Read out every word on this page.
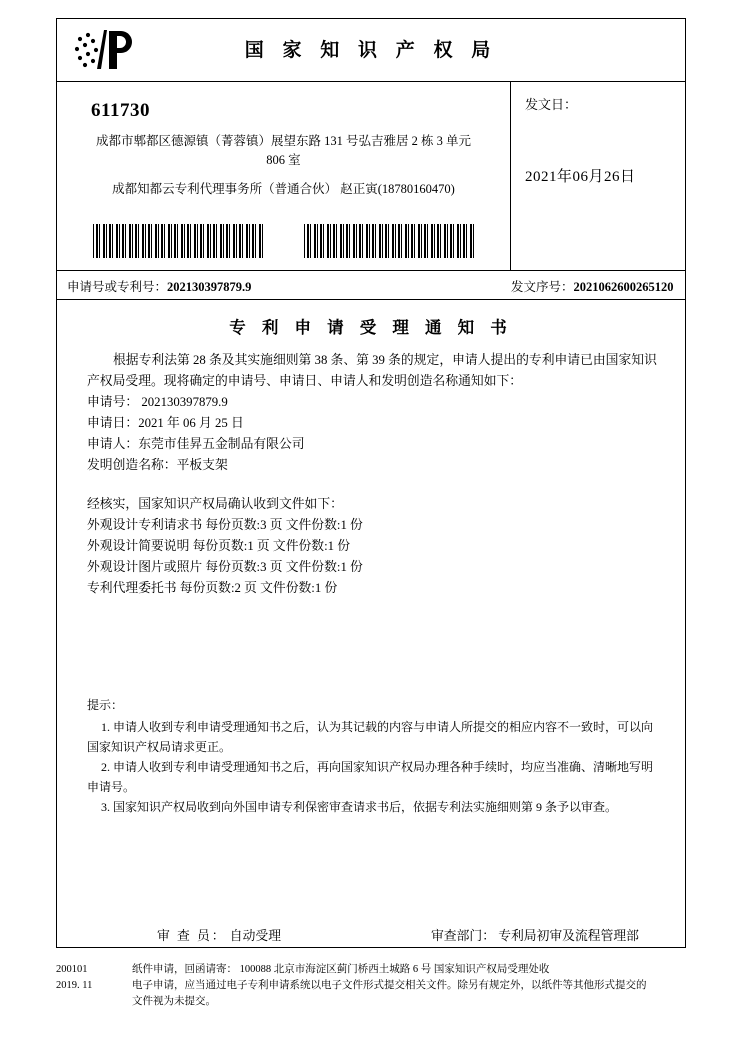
国 家 知 识 产 权 局
611730
成都市郫都区德源镇（菁蓉镇）展望东路 131 号弘吉雅居 2 栋 3 单元
806 室
成都知都云专利代理事务所（普通合伙） 赵正寅(18780160470)
发文日：
2021年06月26日
申请号或专利号：202130397879.9	发文序号：2021062600265120
专 利 申 请 受 理 通 知 书
根据专利法第 28 条及其实施细则第 38 条、第 39 条的规定，申请人提出的专利申请已由国家知识产权局受理。现将确定的申请号、申请日、申请人和发明创造名称通知如下：
申请号： 202130397879.9
申请日：2021 年 06 月 25 日
申请人：东莞市佳昇五金制品有限公司
发明创造名称：平板支架
经核实，国家知识产权局确认收到文件如下：
外观设计专利请求书 每份页数:3 页 文件份数:1 份
外观设计简要说明 每份页数:1 页 文件份数:1 份
外观设计图片或照片 每份页数:3 页 文件份数:1 份
专利代理委托书 每份页数:2 页 文件份数:1 份
提示：
1. 申请人收到专利申请受理通知书之后，认为其记载的内容与申请人所提交的相应内容不一致时，可以向国家知识产权局请求更正。
2. 申请人收到专利申请受理通知书之后，再向国家知识产权局办理各种手续时，均应当准确、清晰地写明申请号。
3. 国家知识产权局收到向外国申请专利保密审查请求书后，依据专利法实施细则第 9 条予以审查。
审 查 员： 自动受理	审查部门： 专利局初审及流程管理部
200101	纸件申请，回函请寄： 100088 北京市海淀区蓟门桥西土城路 6 号 国家知识产权局受理处收
2019. 11	电子申请，应当通过电子专利申请系统以电子文件形式提交相关文件。除另有规定外，以纸件等其他形式提交的
文件视为未提交。
